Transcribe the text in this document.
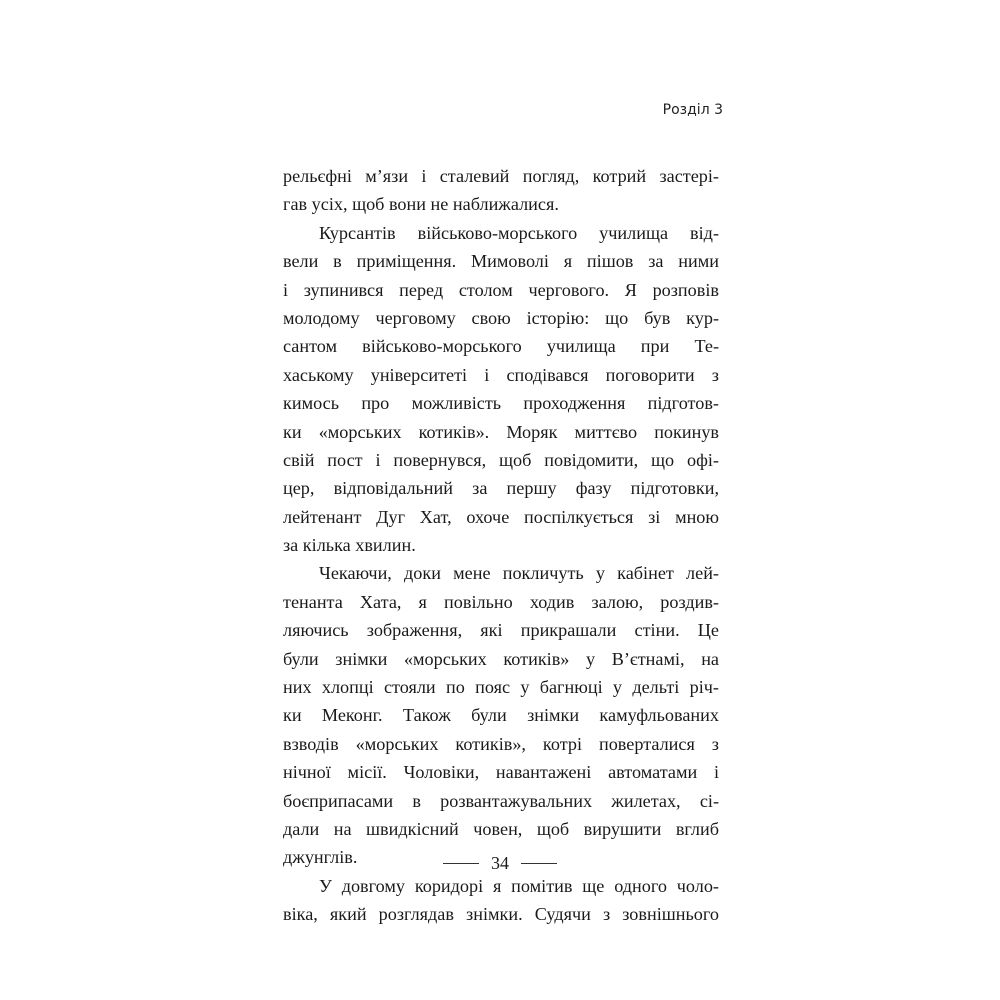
Розділ 3

рельєфні м’язи і сталевий погляд, котрий застері-
гав усіх, щоб вони не наближалися.
Курсантів військово-морського училища від-
вели в приміщення. Мимоволі я пішов за ними
і зупинився перед столом чергового. Я розповів
молодому черговому свою історію: що був кур-
сантом військово-морського училища при Те-
хаському університеті і сподівався поговорити з
кимось про можливість проходження підготов-
ки «морських котиків». Моряк миттєво покинув
свій пост і повернувся, щоб повідомити, що офі-
цер, відповідальний за першу фазу підготовки,
лейтенант Дуг Хат, охоче поспілкується зі мною
за кілька хвилин.
Чекаючи, доки мене покличуть у кабінет лей-
тенанта Хата, я повільно ходив залою, роздив-
ляючись зображення, які прикрашали стіни. Це
були знімки «морських котиків» у В’єтнамі, на
них хлопці стояли по пояс у багнюці у дельті річ-
ки Меконг. Також були знімки камуфльованих
взводів «морських котиків», котрі поверталися з
нічної місії. Чоловіки, навантажені автоматами і
боєприпасами в розвантажувальних жилетах, сі-
дали на швидкісний човен, щоб вирушити вглиб
джунглів.
У довгому коридорі я помітив ще одного чоло-
віка, який розглядав знімки. Судячи з зовнішнього
34
